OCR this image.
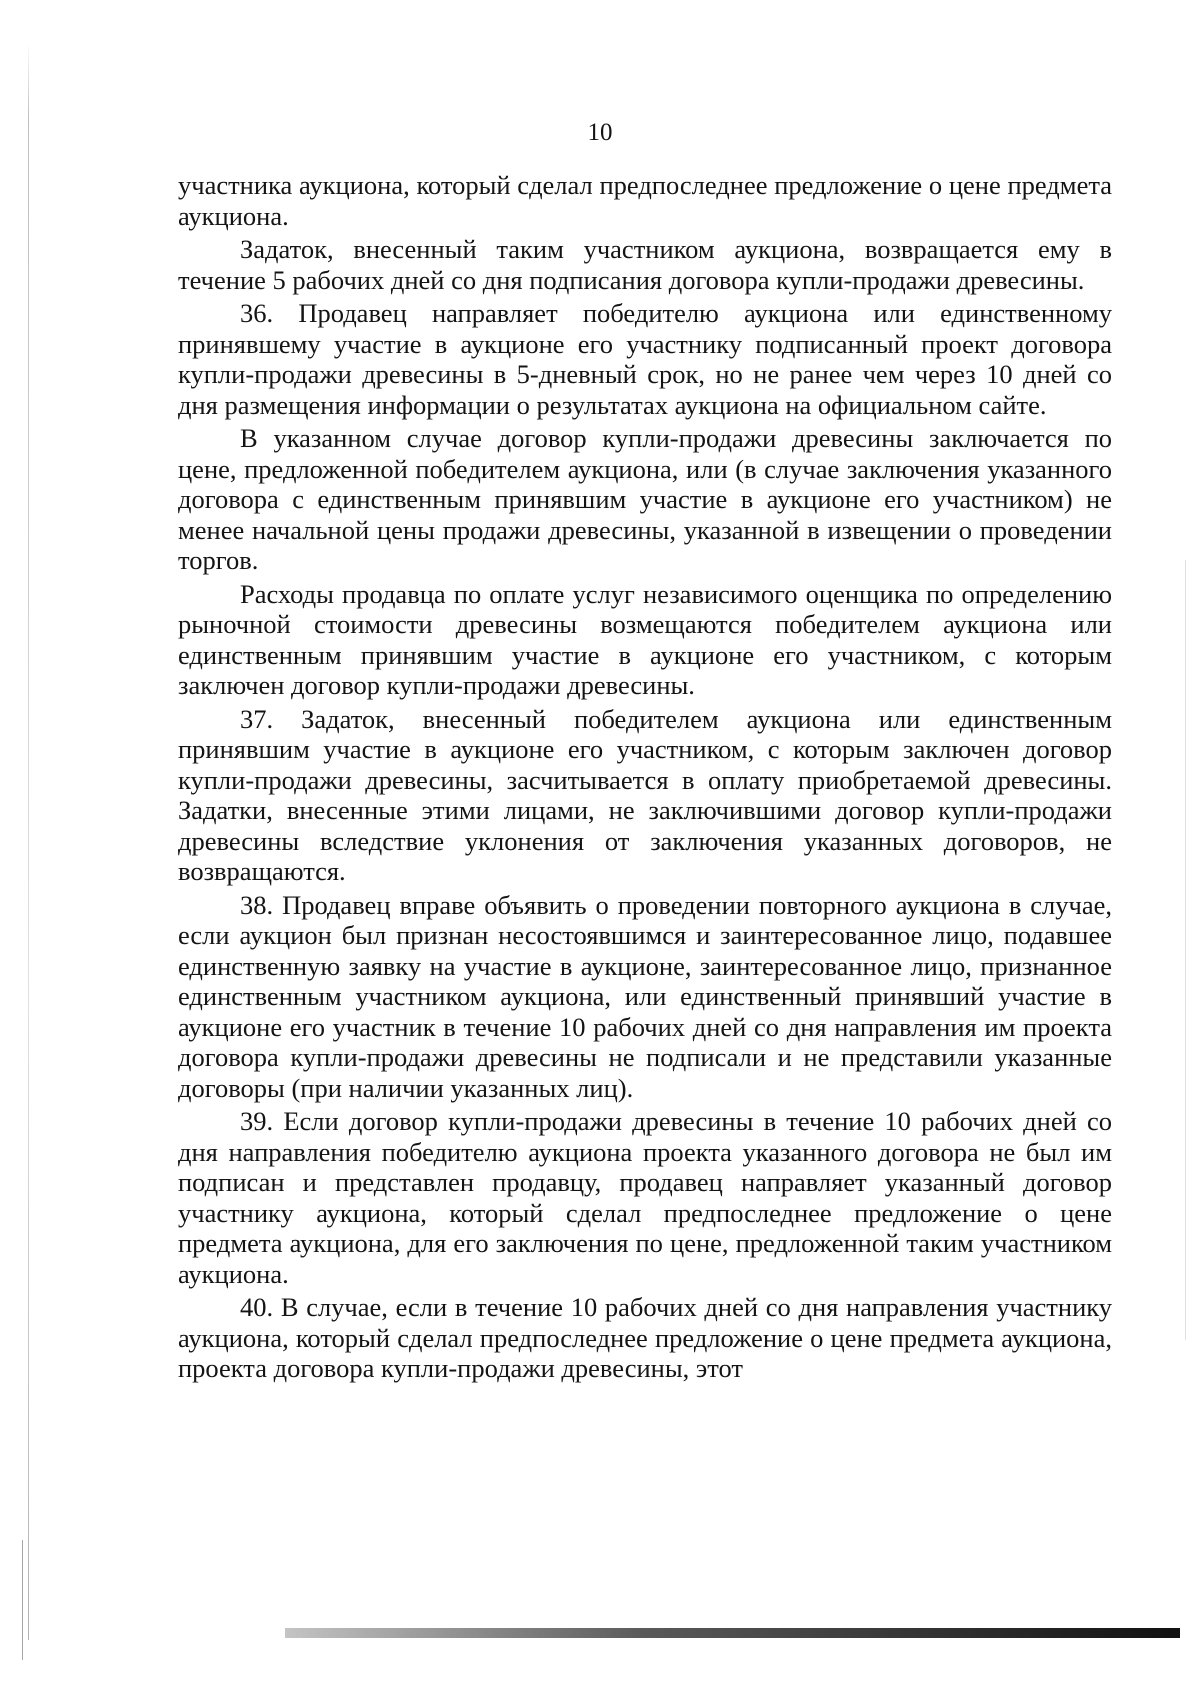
10

участника аукциона, который сделал предпоследнее предложение о цене предмета аукциона.

Задаток, внесенный таким участником аукциона, возвращается ему в течение 5 рабочих дней со дня подписания договора купли-продажи древесины.

36. Продавец направляет победителю аукциона или единственному принявшему участие в аукционе его участнику подписанный проект договора купли-продажи древесины в 5-дневный срок, но не ранее чем через 10 дней со дня размещения информации о результатах аукциона на официальном сайте.

В указанном случае договор купли-продажи древесины заключается по цене, предложенной победителем аукциона, или (в случае заключения указанного договора с единственным принявшим участие в аукционе его участником) не менее начальной цены продажи древесины, указанной в извещении о проведении торгов.

Расходы продавца по оплате услуг независимого оценщика по определению рыночной стоимости древесины возмещаются победителем аукциона или единственным принявшим участие в аукционе его участником, с которым заключен договор купли-продажи древесины.

37. Задаток, внесенный победителем аукциона или единственным принявшим участие в аукционе его участником, с которым заключен договор купли-продажи древесины, засчитывается в оплату приобретаемой древесины. Задатки, внесенные этими лицами, не заключившими договор купли-продажи древесины вследствие уклонения от заключения указанных договоров, не возвращаются.

38. Продавец вправе объявить о проведении повторного аукциона в случае, если аукцион был признан несостоявшимся и заинтересованное лицо, подавшее единственную заявку на участие в аукционе, заинтересованное лицо, признанное единственным участником аукциона, или единственный принявший участие в аукционе его участник в течение 10 рабочих дней со дня направления им проекта договора купли-продажи древесины не подписали и не представили указанные договоры (при наличии указанных лиц).

39. Если договор купли-продажи древесины в течение 10 рабочих дней со дня направления победителю аукциона проекта указанного договора не был им подписан и представлен продавцу, продавец направляет указанный договор участнику аукциона, который сделал предпоследнее предложение о цене предмета аукциона, для его заключения по цене, предложенной таким участником аукциона.

40. В случае, если в течение 10 рабочих дней со дня направления участнику аукциона, который сделал предпоследнее предложение о цене предмета аукциона, проекта договора купли-продажи древесины, этот
